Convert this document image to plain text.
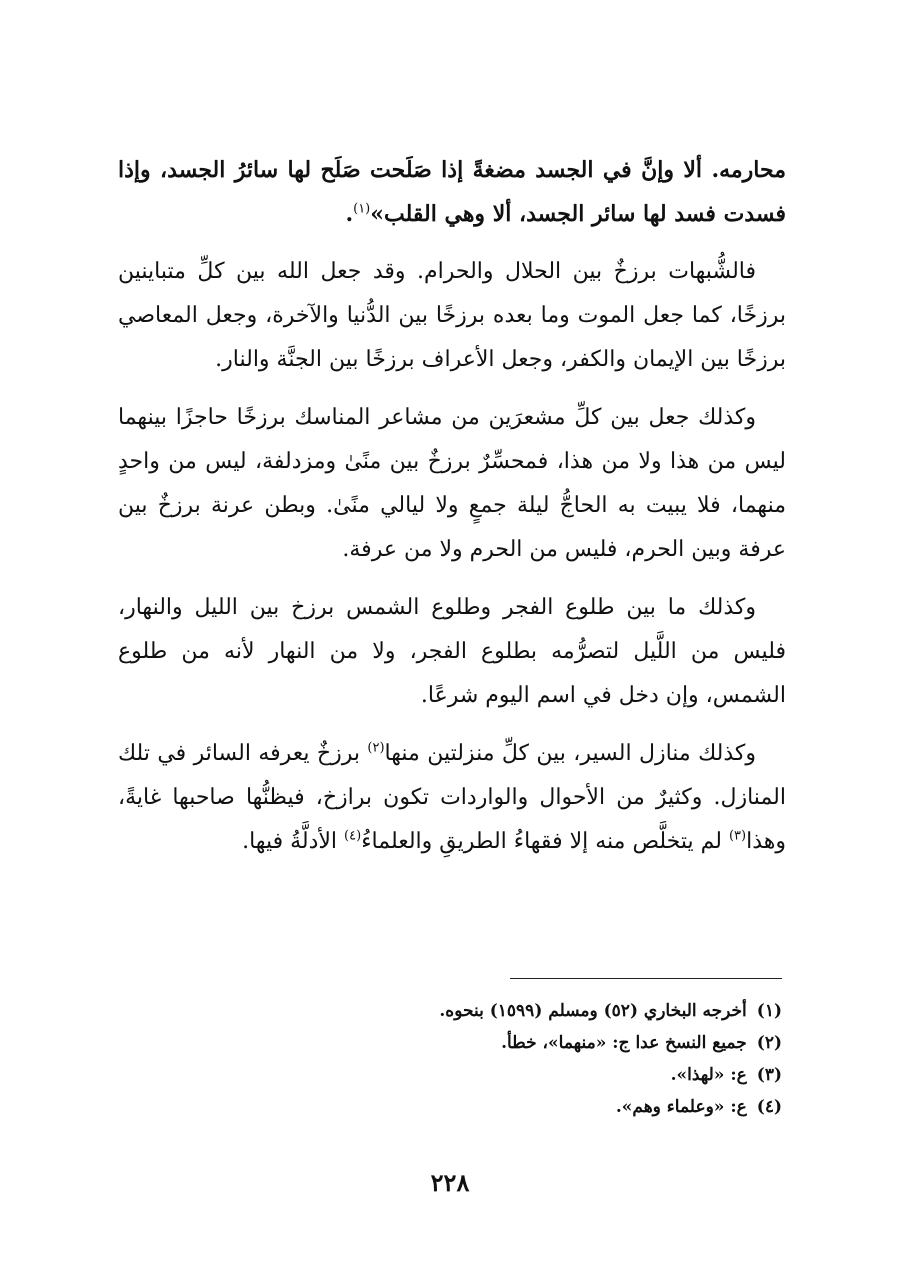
محارمه. ألا وإنَّ في الجسد مضغةً إذا صَلَحت صَلَح لها سائرُ الجسد، وإذا فسدت فسد لها سائر الجسد، ألا وهي القلب»$^{(١)}$.

فالشُّبهات برزخٌ بين الحلال والحرام. وقد جعل الله بين كلِّ متباينين برزخًا، كما جعل الموت وما بعده برزخًا بين الدُّنيا والآخرة، وجعل المعاصي برزخًا بين الإيمان والكفر، وجعل الأعراف برزخًا بين الجنَّة والنار.

وكذلك جعل بين كلِّ مشعرَين من مشاعر المناسك برزخًا حاجزًا بينهما ليس من هذا ولا من هذا، فمحسِّرٌ برزخٌ بين منًىٰ ومزدلفة، ليس من واحدٍ منهما، فلا يبيت به الحاجُّ ليلة جمعٍ ولا ليالي منًىٰ. وبطن عرنة برزخٌ بين عرفة وبين الحرم، فليس من الحرم ولا من عرفة.

وكذلك ما بين طلوع الفجر وطلوع الشمس برزخ بين الليل والنهار، فليس من اللَّيل لتصرُّمه بطلوع الفجر، ولا من النهار لأنه من طلوع الشمس، وإن دخل في اسم اليوم شرعًا.

وكذلك منازل السير، بين كلِّ منزلتين منها$^{(٢)}$ برزخٌ يعرفه السائر في تلك المنازل. وكثيرٌ من الأحوال والواردات تكون برازخ، فيظنُّها صاحبها غايةً، وهذا$^{(٣)}$ لم يتخلَّص منه إلا فقهاءُ الطريقِ والعلماءُ$^{(٤)}$ الأدلَّةُ فيها.

(١)أخرجه البخاري (٥٢) ومسلم (١٥٩٩) بنحوه.
(٢)جميع النسخ عدا ج: «منهما»، خطأ.
(٣)ع: «لهذا».
(٤)ع: «وعلماء وهم».
٢٢٨
